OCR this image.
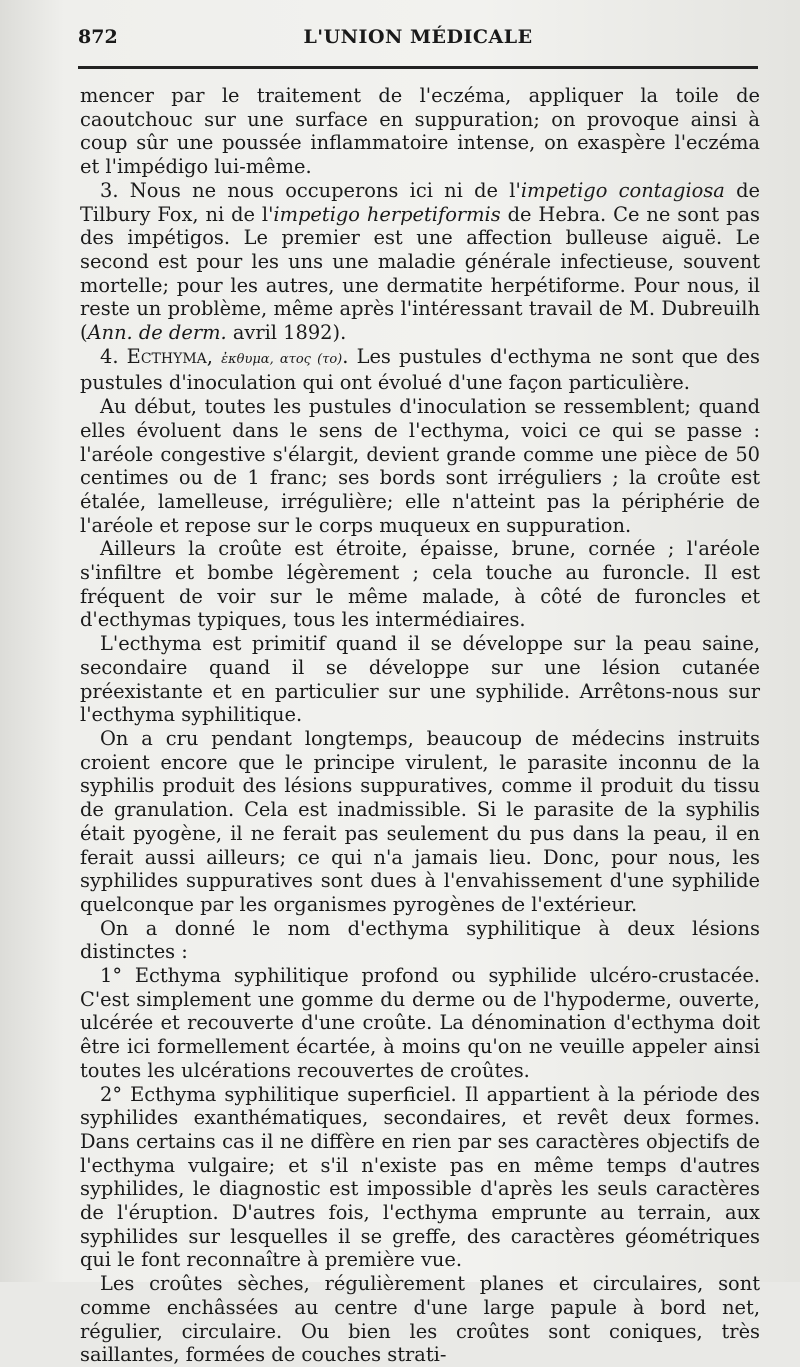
872	L'UNION MÉDICALE

mencer par le traitement de l'eczéma, appliquer la toile de caoutchouc sur une surface en suppuration; on provoque ainsi à coup sûr une poussée inflammatoire intense, on exaspère l'eczéma et l'impédigo lui-même.

3. Nous ne nous occuperons ici ni de l'impetigo contagiosa de Tilbury Fox, ni de l'impetigo herpetiformis de Hebra. Ce ne sont pas des impétigos. Le premier est une affection bulleuse aiguë. Le second est pour les uns une maladie générale infectieuse, souvent mortelle; pour les autres, une dermatite herpétiforme. Pour nous, il reste un problème, même après l'intéressant travail de M. Dubreuilh (Ann. de derm. avril 1892).

4. Ecthyma, ἐκθυμα, ατος (το). Les pustules d'ecthyma ne sont que des pustules d'inoculation qui ont évolué d'une façon particulière.

Au début, toutes les pustules d'inoculation se ressemblent; quand elles évoluent dans le sens de l'ecthyma, voici ce qui se passe : l'aréole congestive s'élargit, devient grande comme une pièce de 50 centimes ou de 1 franc; ses bords sont irréguliers ; la croûte est étalée, lamelleuse, irrégulière; elle n'atteint pas la périphérie de l'aréole et repose sur le corps muqueux en suppuration.

Ailleurs la croûte est étroite, épaisse, brune, cornée ; l'aréole s'infiltre et bombe légèrement ; cela touche au furoncle. Il est fréquent de voir sur le même malade, à côté de furoncles et d'ecthymas typiques, tous les intermédiaires.

L'ecthyma est primitif quand il se développe sur la peau saine, secondaire quand il se développe sur une lésion cutanée préexistante et en particulier sur une syphilide. Arrêtons-nous sur l'ecthyma syphilitique.

On a cru pendant longtemps, beaucoup de médecins instruits croient encore que le principe virulent, le parasite inconnu de la syphilis produit des lésions suppuratives, comme il produit du tissu de granulation. Cela est inadmissible. Si le parasite de la syphilis était pyogène, il ne ferait pas seulement du pus dans la peau, il en ferait aussi ailleurs; ce qui n'a jamais lieu. Donc, pour nous, les syphilides suppuratives sont dues à l'envahissement d'une syphilide quelconque par les organismes pyrogènes de l'extérieur.

On a donné le nom d'ecthyma syphilitique à deux lésions distinctes :

1° Ecthyma syphilitique profond ou syphilide ulcéro-crustacée. C'est simplement une gomme du derme ou de l'hypoderme, ouverte, ulcérée et recouverte d'une croûte. La dénomination d'ecthyma doit être ici formellement écartée, à moins qu'on ne veuille appeler ainsi toutes les ulcérations recouvertes de croûtes.

2° Ecthyma syphilitique superficiel. Il appartient à la période des syphilides exanthématiques, secondaires, et revêt deux formes. Dans certains cas il ne diffère en rien par ses caractères objectifs de l'ecthyma vulgaire; et s'il n'existe pas en même temps d'autres syphilides, le diagnostic est impossible d'après les seuls caractères de l'éruption. D'autres fois, l'ecthyma emprunte au terrain, aux syphilides sur lesquelles il se greffe, des caractères géométriques qui le font reconnaître à première vue.

Les croûtes sèches, régulièrement planes et circulaires, sont comme enchâssées au centre d'une large papule à bord net, régulier, circulaire. Ou bien les croûtes sont coniques, très saillantes, formées de couches strati-
